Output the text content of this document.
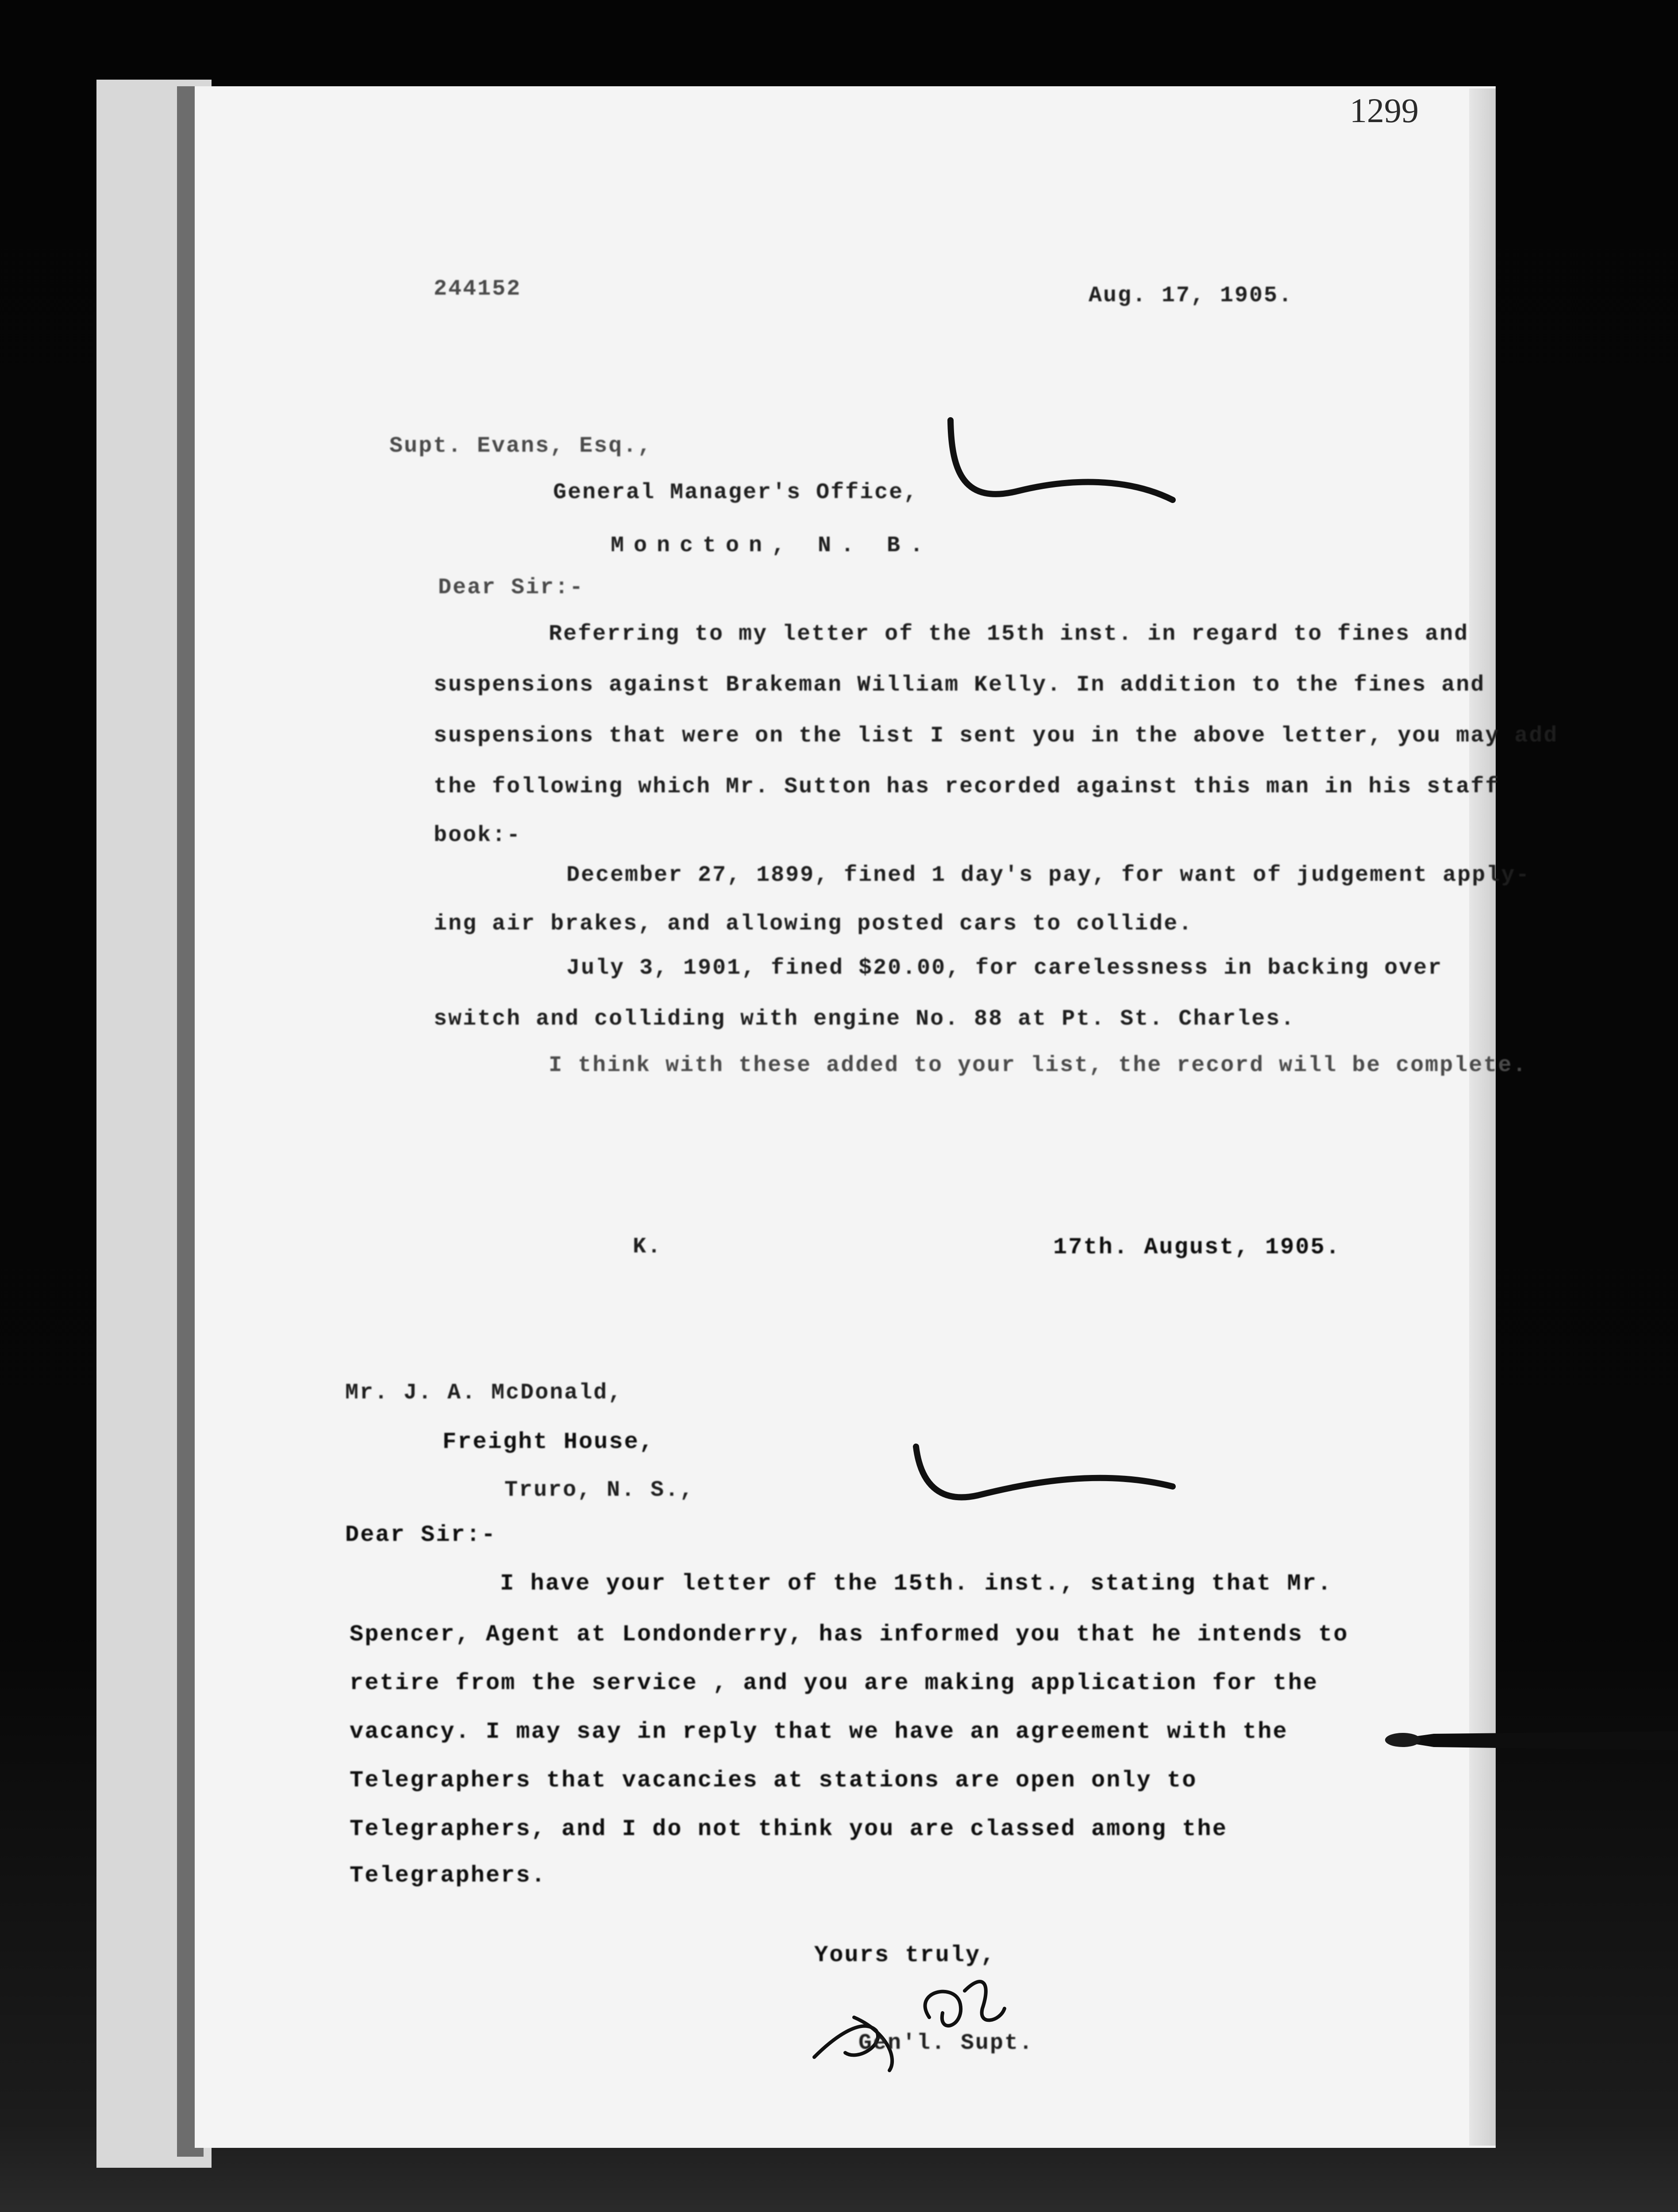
1299
244152	Aug. 17, 1905.
Supt. Evans, Esq.,
General Manager's Office,
Moncton, N. B.
Dear Sir:-
Referring to my letter of the 15th inst. in regard to fines and
suspensions against Brakeman William Kelly. In addition to the fines and
suspensions that were on the list I sent you in the above letter, you may add
the following which Mr. Sutton has recorded against this man in his staff
book:-
December 27, 1899, fined 1 day's pay, for want of judgement apply-
ing air brakes, and allowing posted cars to collide.
July 3, 1901, fined $20.00, for carelessness in backing over
switch and colliding with engine No. 88 at Pt. St. Charles.
I think with these added to your list, the record will be complete.
K.	17th. August, 1905.
Mr. J. A. McDonald,
Freight House,
Truro, N. S.,
Dear Sir:-
I have your letter of the 15th. inst., stating that Mr.
Spencer, Agent at Londonderry, has informed you that he intends to
retire from the service , and you are making application for the
vacancy. I may say in reply that we have an agreement with the
Telegraphers that vacancies at stations are open only to
Telegraphers, and I do not think you are classed among the
Telegraphers.
Yours truly,
Gen'l. Supt.
